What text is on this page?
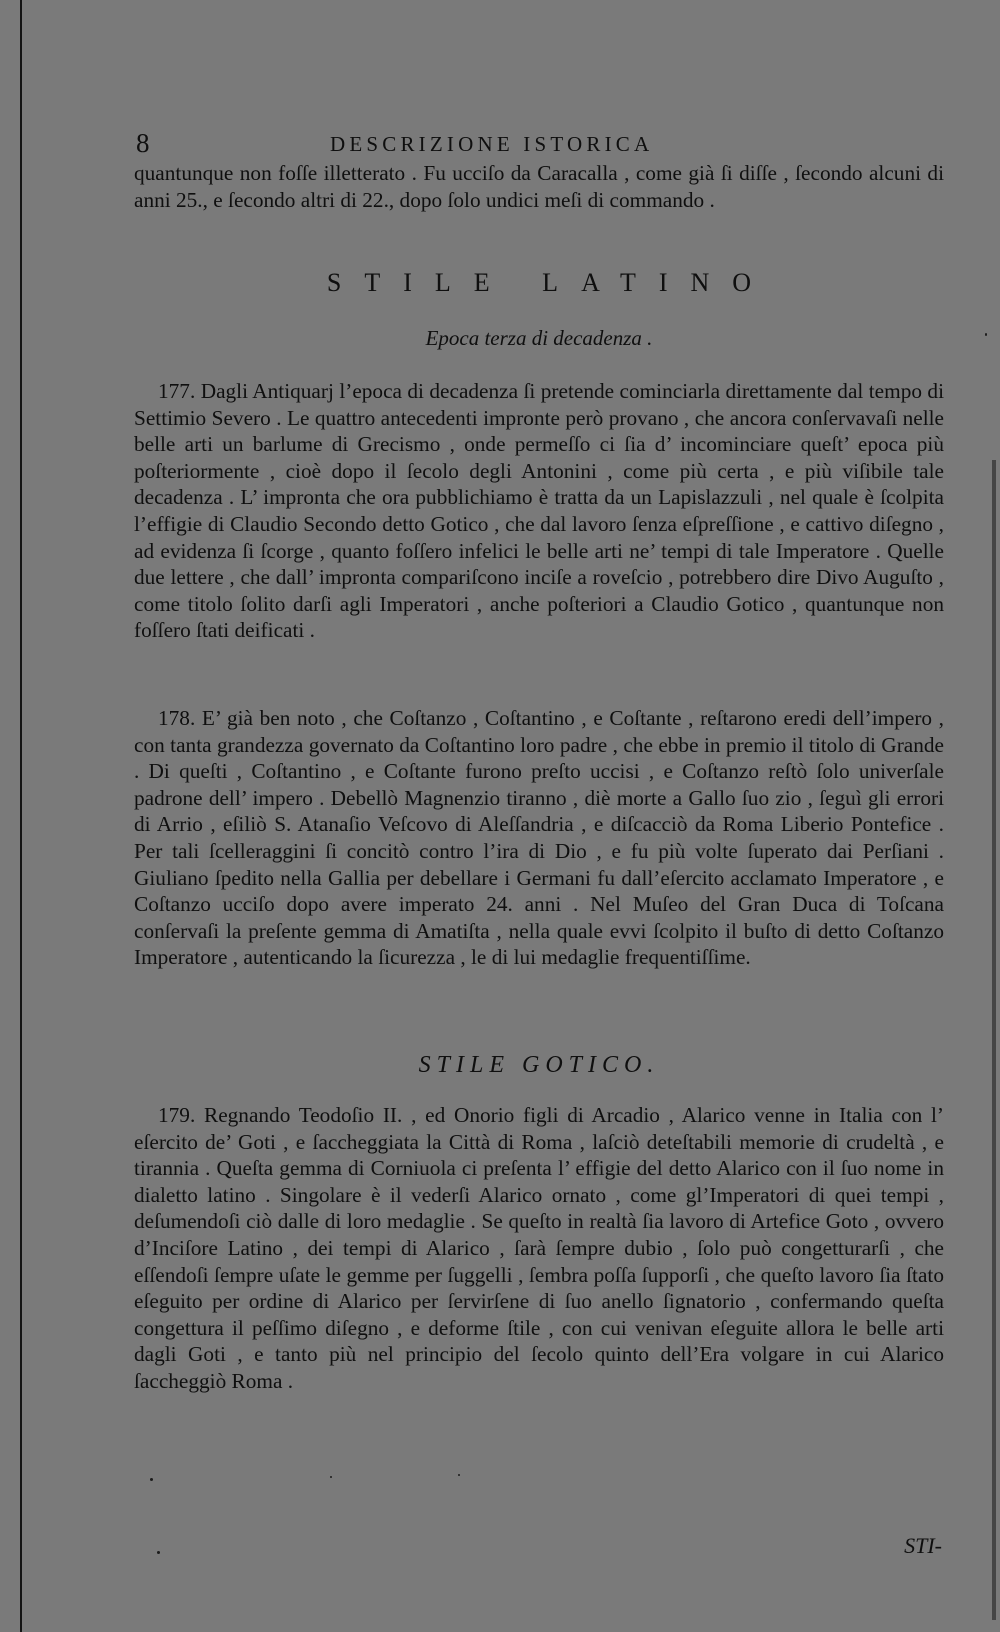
8	DESCRIZIONE ISTORICA

quantunque non foſſe illetterato . Fu ucciſo da Caracalla , come già ſi diſſe , ſecondo alcuni di anni 25., e ſecondo altri di 22., dopo ſolo undici meſi di commando .

STILE LATINO
Epoca terza di decadenza .

177. Dagli Antiquarj l’epoca di decadenza ſi pretende cominciarla direttamente dal tempo di Settimio Severo . Le quattro antecedenti impronte però provano , che ancora conſervavaſi nelle belle arti un barlume di Grecismo , onde permeſſo ci ſia d’ incominciare queſt’ epoca più poſteriormente , cioè dopo il ſecolo degli Antonini , come più certa , e più viſibile tale decadenza . L’ impronta che ora pubblichiamo è tratta da un Lapislazzuli , nel quale è ſcolpita l’effigie di Claudio Secondo detto Gotico , che dal lavoro ſenza eſpreſſione , e cattivo diſegno , ad evidenza ſi ſcorge , quanto foſſero infelici le belle arti ne’ tempi di tale Imperatore . Quelle due lettere , che dall’ impronta compariſcono inciſe a roveſcio , potrebbero dire Divo Auguſto , come titolo ſolito darſi agli Imperatori , anche poſteriori a Claudio Gotico , quantunque non foſſero ſtati deificati .

178. E’ già ben noto , che Coſtanzo , Coſtantino , e Coſtante , reſtarono eredi dell’impero , con tanta grandezza governato da Coſtantino loro padre , che ebbe in premio il titolo di Grande . Di queſti , Coſtantino , e Coſtante furono preſto uccisi , e Coſtanzo reſtò ſolo univerſale padrone dell’ impero . Debellò Magnenzio tiranno , diè morte a Gallo ſuo zio , ſeguì gli errori di Arrio , eſiliò S. Atanaſio Veſcovo di Aleſſandria , e diſcacciò da Roma Liberio Pontefice . Per tali ſcelleraggini ſi concitò contro l’ira di Dio , e fu più volte ſuperato dai Perſiani . Giuliano ſpedito nella Gallia per debellare i Germani fu dall’eſercito acclamato Imperatore , e Coſtanzo ucciſo dopo avere imperato 24. anni . Nel Muſeo del Gran Duca di Toſcana conſervaſi la preſente gemma di Amatiſta , nella quale evvi ſcolpito il buſto di detto Coſtanzo Imperatore , autenticando la ſicurezza , le di lui medaglie frequentiſſime.

STILE GOTICO.

179. Regnando Teodoſio II. , ed Onorio figli di Arcadio , Alarico venne in Italia con l’ eſercito de’ Goti , e ſaccheggiata la Città di Roma , laſciò deteſtabili memorie di crudeltà , e tirannia . Queſta gemma di Corniuola ci preſenta l’ effigie del detto Alarico con il ſuo nome in dialetto latino . Singolare è il vederſi Alarico ornato , come gl’Imperatori di quei tempi , deſumendoſi ciò dalle di loro medaglie . Se queſto in realtà ſia lavoro di Artefice Goto , ovvero d’Inciſore Latino , dei tempi di Alarico , ſarà ſempre dubio , ſolo può congetturarſi , che eſſendoſi ſempre uſate le gemme per ſuggelli , ſembra poſſa ſupporſi , che queſto lavoro ſia ſtato eſeguito per ordine di Alarico per ſervirſene di ſuo anello ſignatorio , confermando queſta congettura il peſſimo diſegno , e deforme ſtile , con cui venivan eſeguite allora le belle arti dagli Goti , e tanto più nel principio del ſecolo quinto dell’Era volgare in cui Alarico ſaccheggiò Roma .

STI-
